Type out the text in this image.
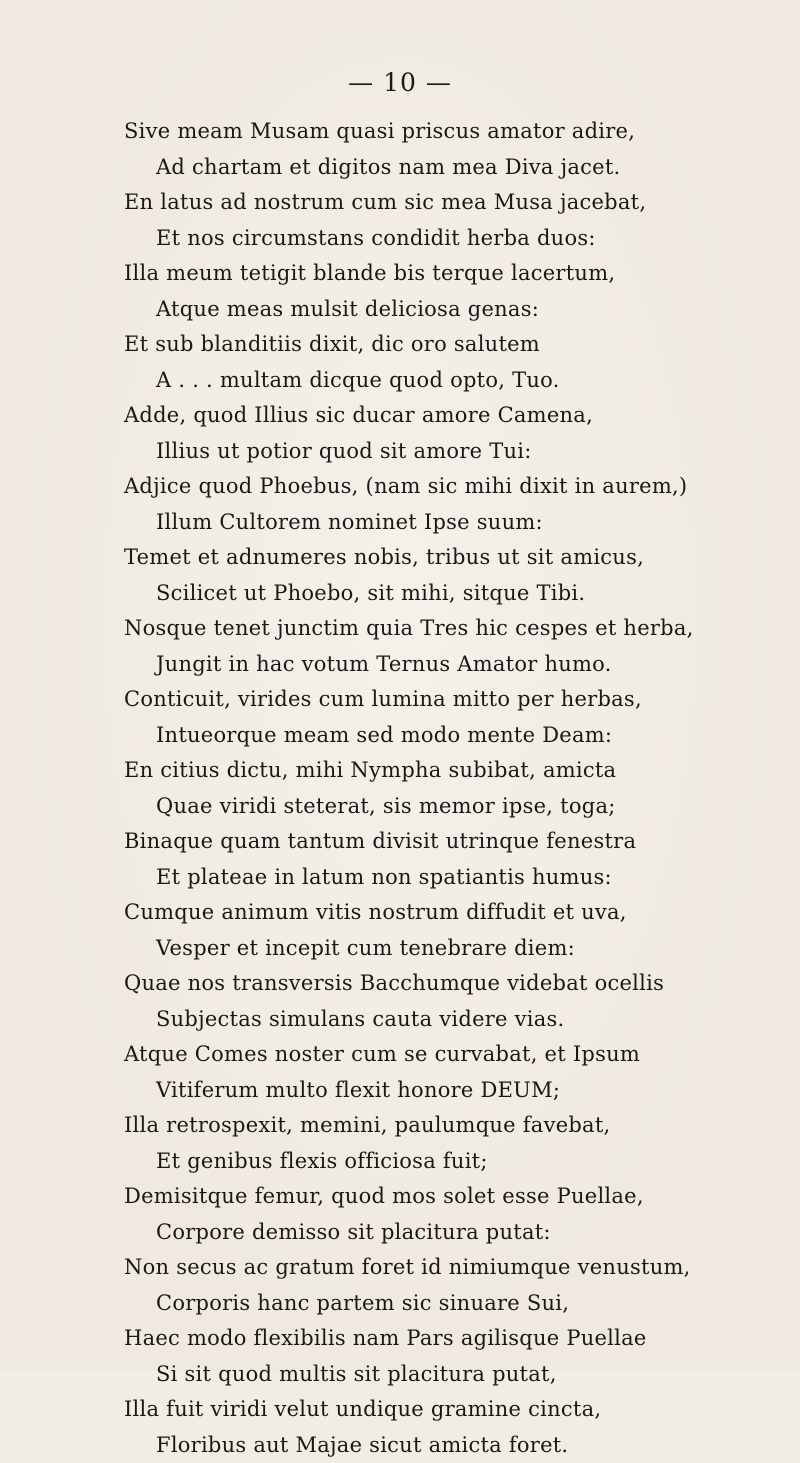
— 10 —

Sive meam Musam quasi priscus amator adire,
Ad chartam et digitos nam mea Diva jacet.
En latus ad nostrum cum sic mea Musa jacebat,
Et nos circumstans condidit herba duos:
Illa meum tetigit blande bis terque lacertum,
Atque meas mulsit deliciosa genas:
Et sub blanditiis dixit, dic oro salutem
A . . . multam dicque quod opto, Tuo.
Adde, quod Illius sic ducar amore Camena,
Illius ut potior quod sit amore Tui:
Adjice quod Phoebus, (nam sic mihi dixit in aurem,)
Illum Cultorem nominet Ipse suum:
Temet et adnumeres nobis, tribus ut sit amicus,
Scilicet ut Phoebo, sit mihi, sitque Tibi.
Nosque tenet junctim quia Tres hic cespes et herba,
Jungit in hac votum Ternus Amator humo.
Conticuit, virides cum lumina mitto per herbas,
Intueorque meam sed modo mente Deam:
En citius dictu, mihi Nympha subibat, amicta
Quae viridi steterat, sis memor ipse, toga;
Binaque quam tantum divisit utrinque fenestra
Et plateae in latum non spatiantis humus:
Cumque animum vitis nostrum diffudit et uva,
Vesper et incepit cum tenebrare diem:
Quae nos transversis Bacchumque videbat ocellis
Subjectas simulans cauta videre vias.
Atque Comes noster cum se curvabat, et Ipsum
Vitiferum multo flexit honore DEUM;
Illa retrospexit, memini, paulumque favebat,
Et genibus flexis officiosa fuit;
Demisitque femur, quod mos solet esse Puellae,
Corpore demisso sit placitura putat:
Non secus ac gratum foret id nimiumque venustum,
Corporis hanc partem sic sinuare Sui,
Haec modo flexibilis nam Pars agilisque Puellae
Si sit quod multis sit placitura putat,
Illa fuit viridi velut undique gramine cincta,
Floribus aut Majae sicut amicta foret.
